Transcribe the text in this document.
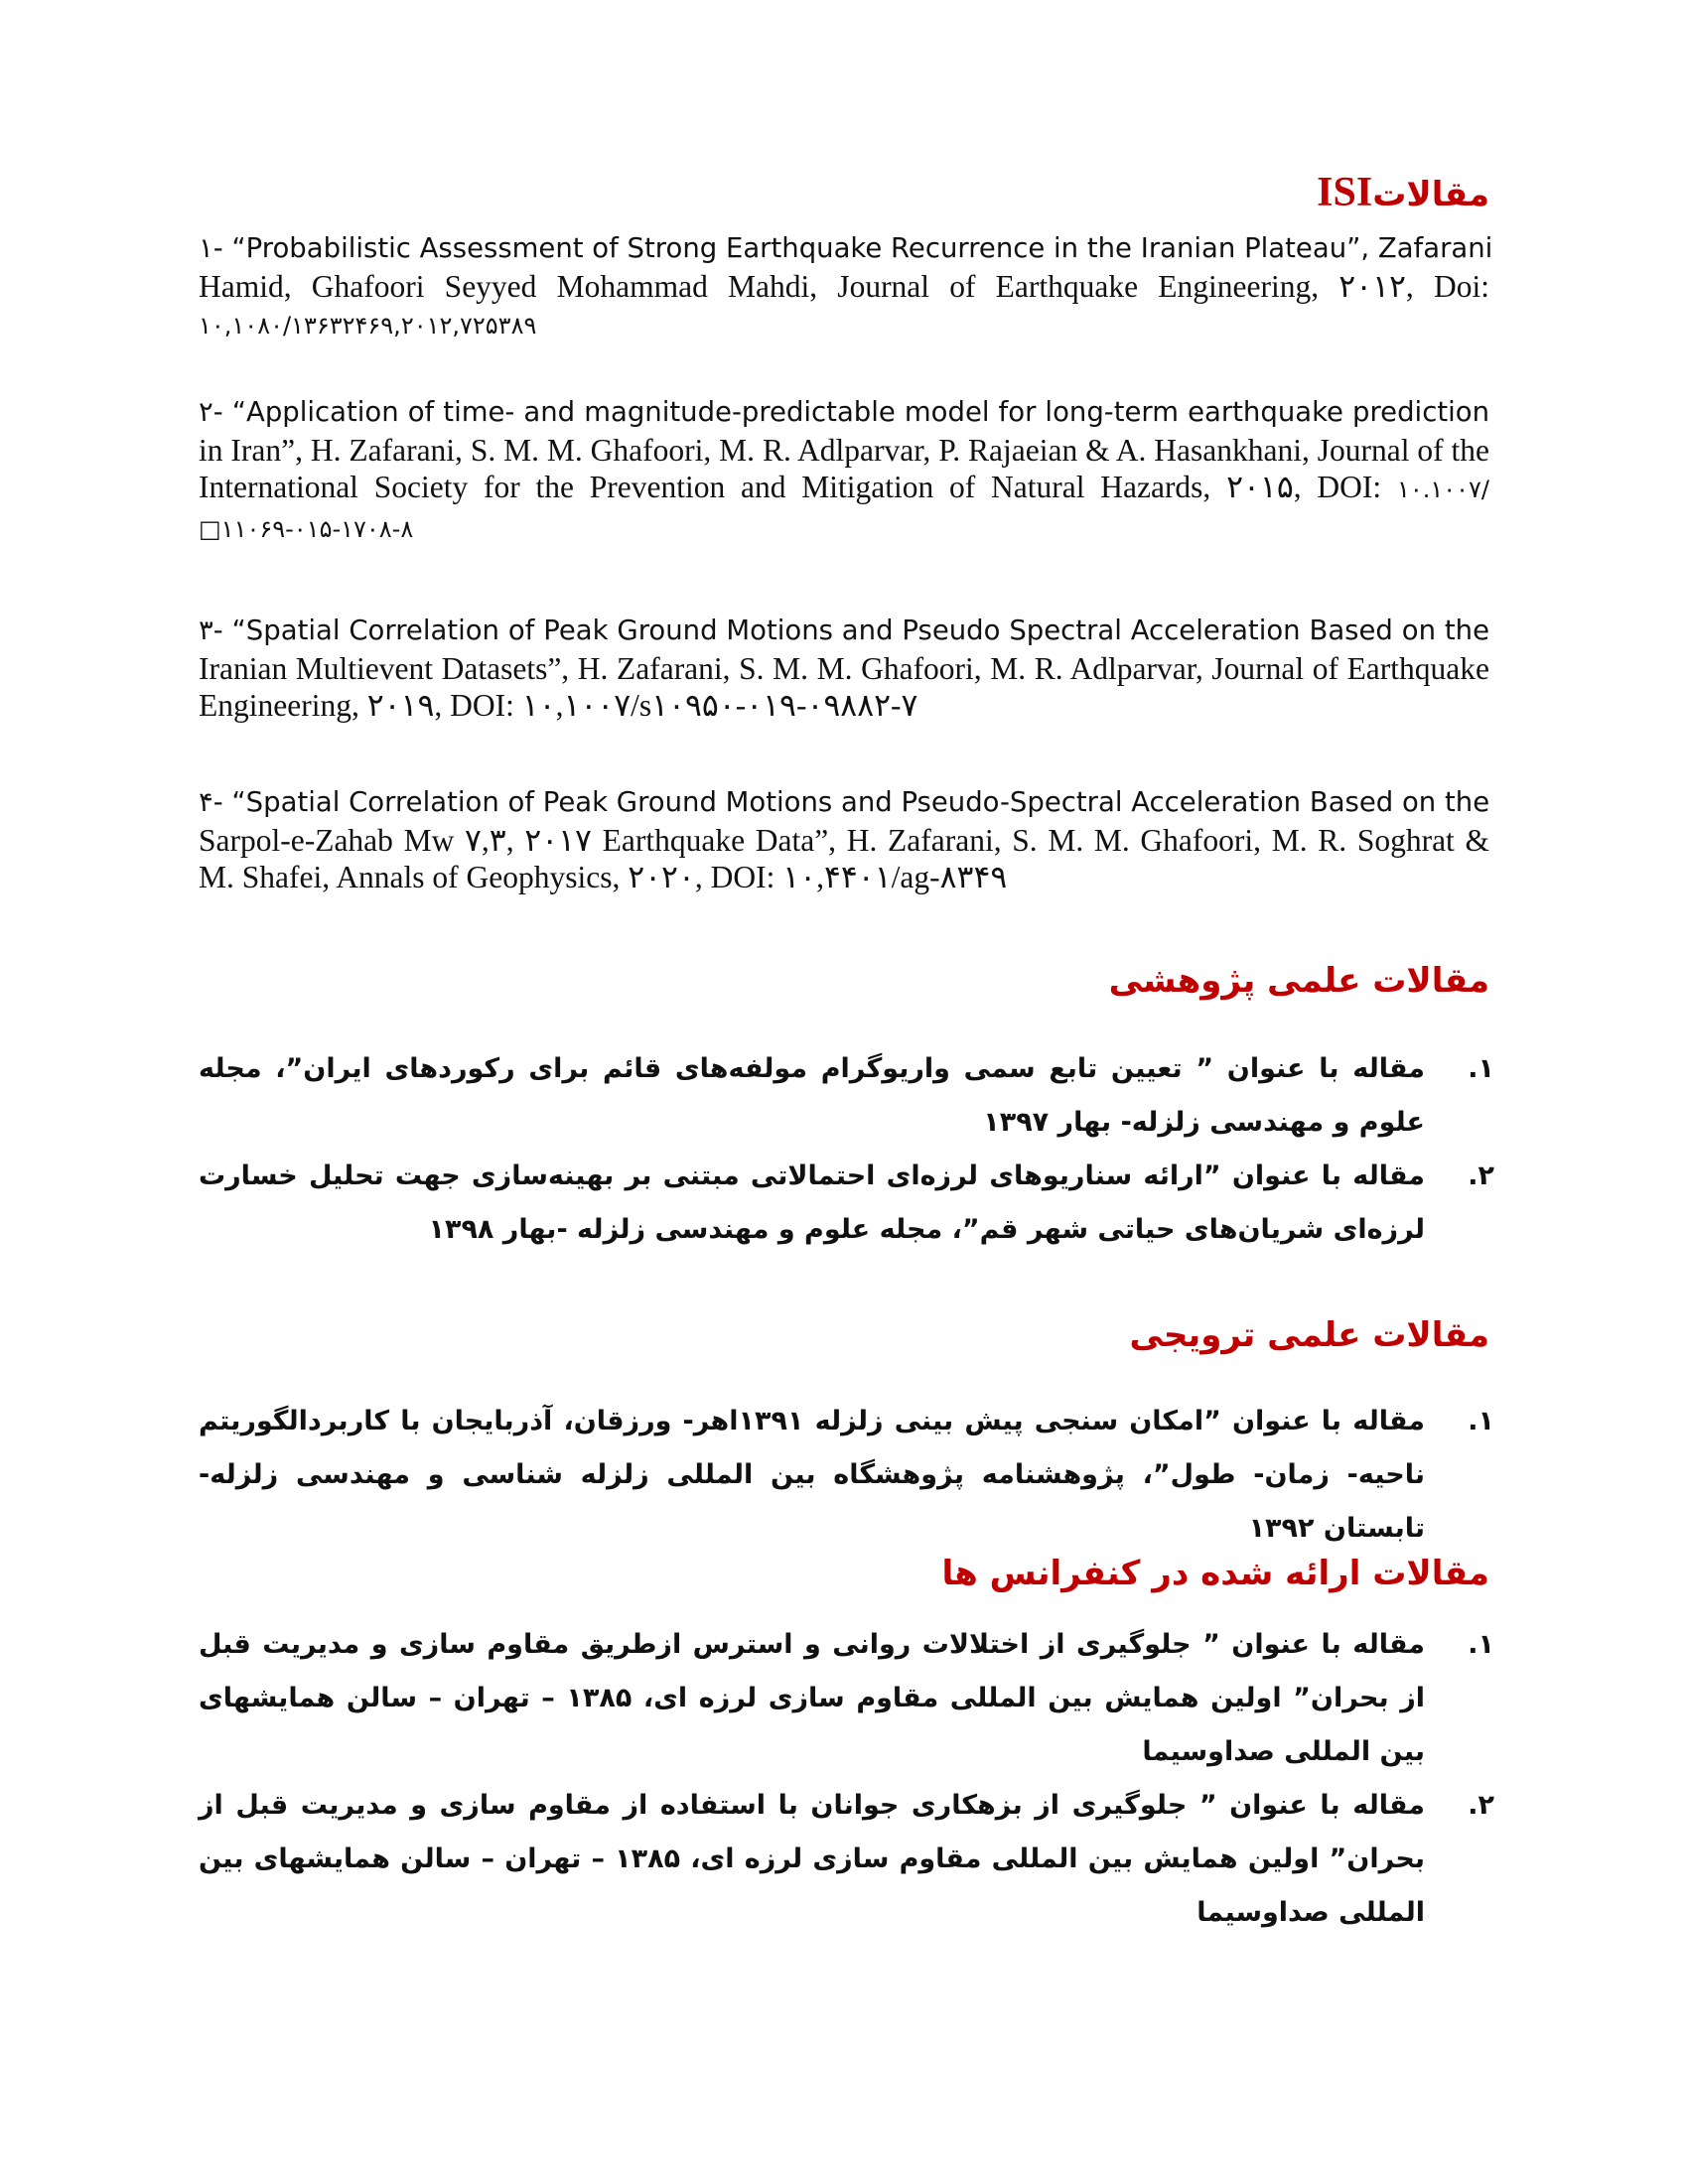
مقالاتISI
۱- “Probabilistic Assessment of Strong Earthquake Recurrence in the Iranian Plateau”, Zafarani
Hamid, Ghafoori Seyyed Mohammad Mahdi, Journal of Earthquake Engineering, ۲۰۱۲, Doi: ۱۰,۱۰۸۰/۱۳۶۳۲۴۶۹,۲۰۱۲,۷۲۵۳۸۹
۲- “Application of time- and magnitude-predictable model for long-term earthquake prediction
in Iran”, H. Zafarani, S. M. M. Ghafoori, M. R. Adlparvar, P. Rajaeian & A. Hasankhani, Journal of the International Society for the Prevention and Mitigation of Natural Hazards, ۲۰۱۵, DOI: ۱۰.۱۰۰۷/□۱۱۰۶۹-۰۱۵-۱۷۰۸-۸
۳- “Spatial Correlation of Peak Ground Motions and Pseudo Spectral Acceleration Based on the
Iranian Multievent Datasets”, H. Zafarani, S. M. M. Ghafoori, M. R. Adlparvar, Journal of Earthquake Engineering, ۲۰۱۹, DOI: ۱۰,۱۰۰۷/s۱۰۹۵۰-۰۱۹-۰۹۸۸۲-۷
۴- “Spatial Correlation of Peak Ground Motions and Pseudo-Spectral Acceleration Based on the
Sarpol-e-Zahab Mw ۷,۳, ۲۰۱۷ Earthquake Data”, H. Zafarani, S. M. M. Ghafoori, M. R. Soghrat & M. Shafei, Annals of Geophysics, ۲۰۲۰, DOI: ۱۰,۴۴۰۱/ag-۸۳۴۹
مقالات علمی پژوهشی
۱.
مقاله با عنوان ” تعیین تابع سمی واریوگرام مولفه‌های قائم برای رکوردهای ایران”، مجله علوم و مهندسی زلزله- بهار ۱۳۹۷
۲.
مقاله با عنوان ”ارائه سناریوهای لرزه‌ای احتمالاتی مبتنی بر بهینه‌سازی جهت تحلیل خسارت لرزه‌ای شریان‌های حیاتی شهر قم”، مجله علوم و مهندسی زلزله -بهار ۱۳۹۸
مقالات علمی ترویجی
۱.
مقاله با عنوان ”امکان سنجی پیش بینی زلزله ۱۳۹۱اهر- ورزقان، آذربایجان با کاربردالگوریتم ناحیه- زمان- طول”، پژوهشنامه پژوهشگاه بین المللی زلزله شناسی و مهندسی زلزله- تابستان ۱۳۹۲
مقالات ارائه شده در کنفرانس ها
۱.
مقاله با عنوان ” جلوگیری از اختلالات روانی و استرس ازطریق مقاوم سازی و مدیریت قبل از بحران” اولین همایش بین المللی مقاوم سازی لرزه ای، ۱۳۸۵ – تهران – سالن همایشهای بین المللی صداوسیما
۲.
مقاله با عنوان ” جلوگیری از بزهکاری جوانان با استفاده از مقاوم سازی و مدیریت قبل از بحران” اولین همایش بین المللی مقاوم سازی لرزه ای، ۱۳۸۵ – تهران – سالن همایشهای بین المللی صداوسیما
